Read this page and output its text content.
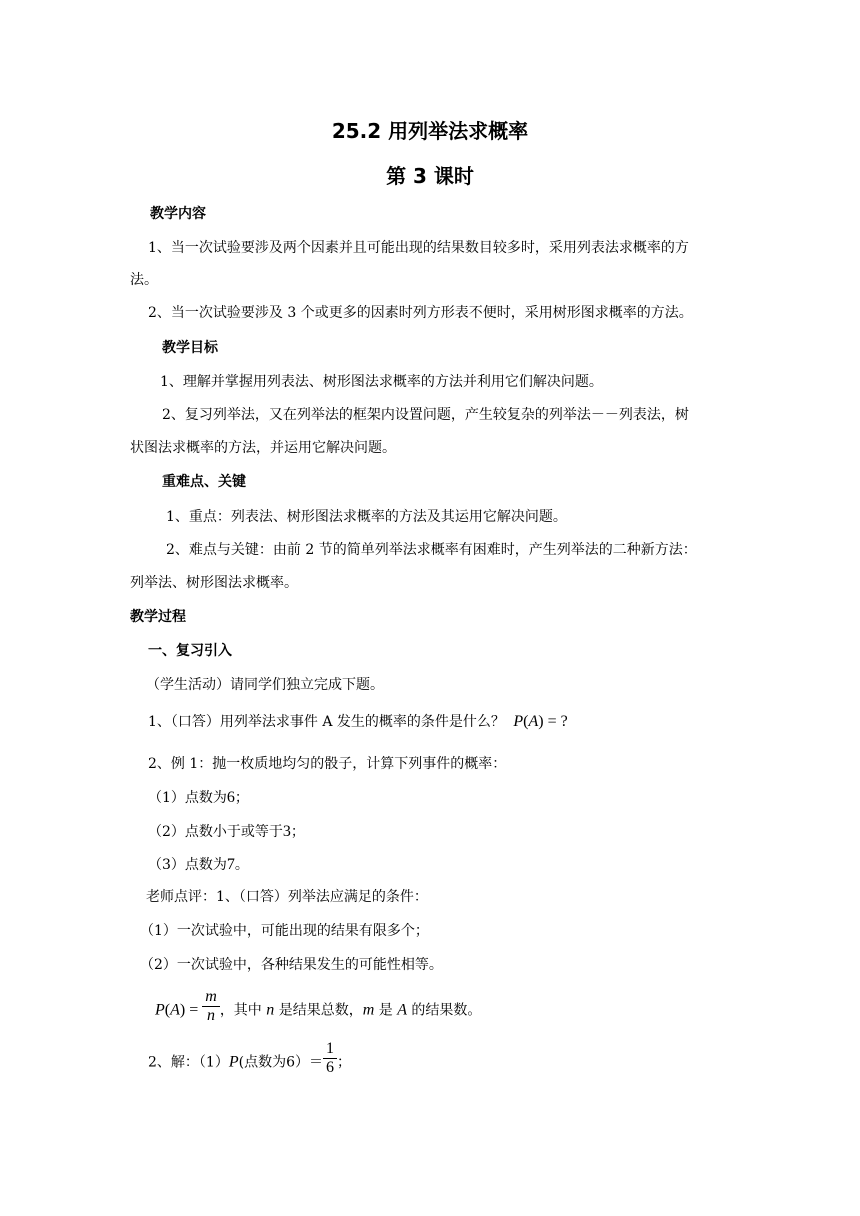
25.2 用列举法求概率
第 3 课时
教学内容
1、当一次试验要涉及两个因素并且可能出现的结果数目较多时，采用列表法求概率的方
法。
2、当一次试验要涉及 3 个或更多的因素时列方形表不便时，采用树形图求概率的方法。
教学目标
1、理解并掌握用列表法、树形图法求概率的方法并利用它们解决问题。
2、复习列举法，又在列举法的框架内设置问题，产生较复杂的列举法－－列表法，树
状图法求概率的方法，并运用它解决问题。
重难点、关键
1、重点：列表法、树形图法求概率的方法及其运用它解决问题。
2、难点与关键：由前 2 节的简单列举法求概率有困难时，产生列举法的二种新方法：
列举法、树形图法求概率。
教学过程
一、复习引入
（学生活动）请同学们独立完成下题。
1、（口答）用列举法求事件 A 发生的概率的条件是什么？ P(A) = ?
2、例 1：抛一枚质地均匀的骰子，计算下列事件的概率：
（1）点数为6；
（2）点数小于或等于3；
（3）点数为7。
老师点评：1、（口答）列举法应满足的条件：
（1）一次试验中，可能出现的结果有限多个；
（2）一次试验中，各种结果发生的可能性相等。
$P(A) = \frac{m}{n}$ ，其中 n 是结果总数，m 是 A 的结果数。
2、解：（1）P(点数为$6)= \frac{1}{6}$ ；
